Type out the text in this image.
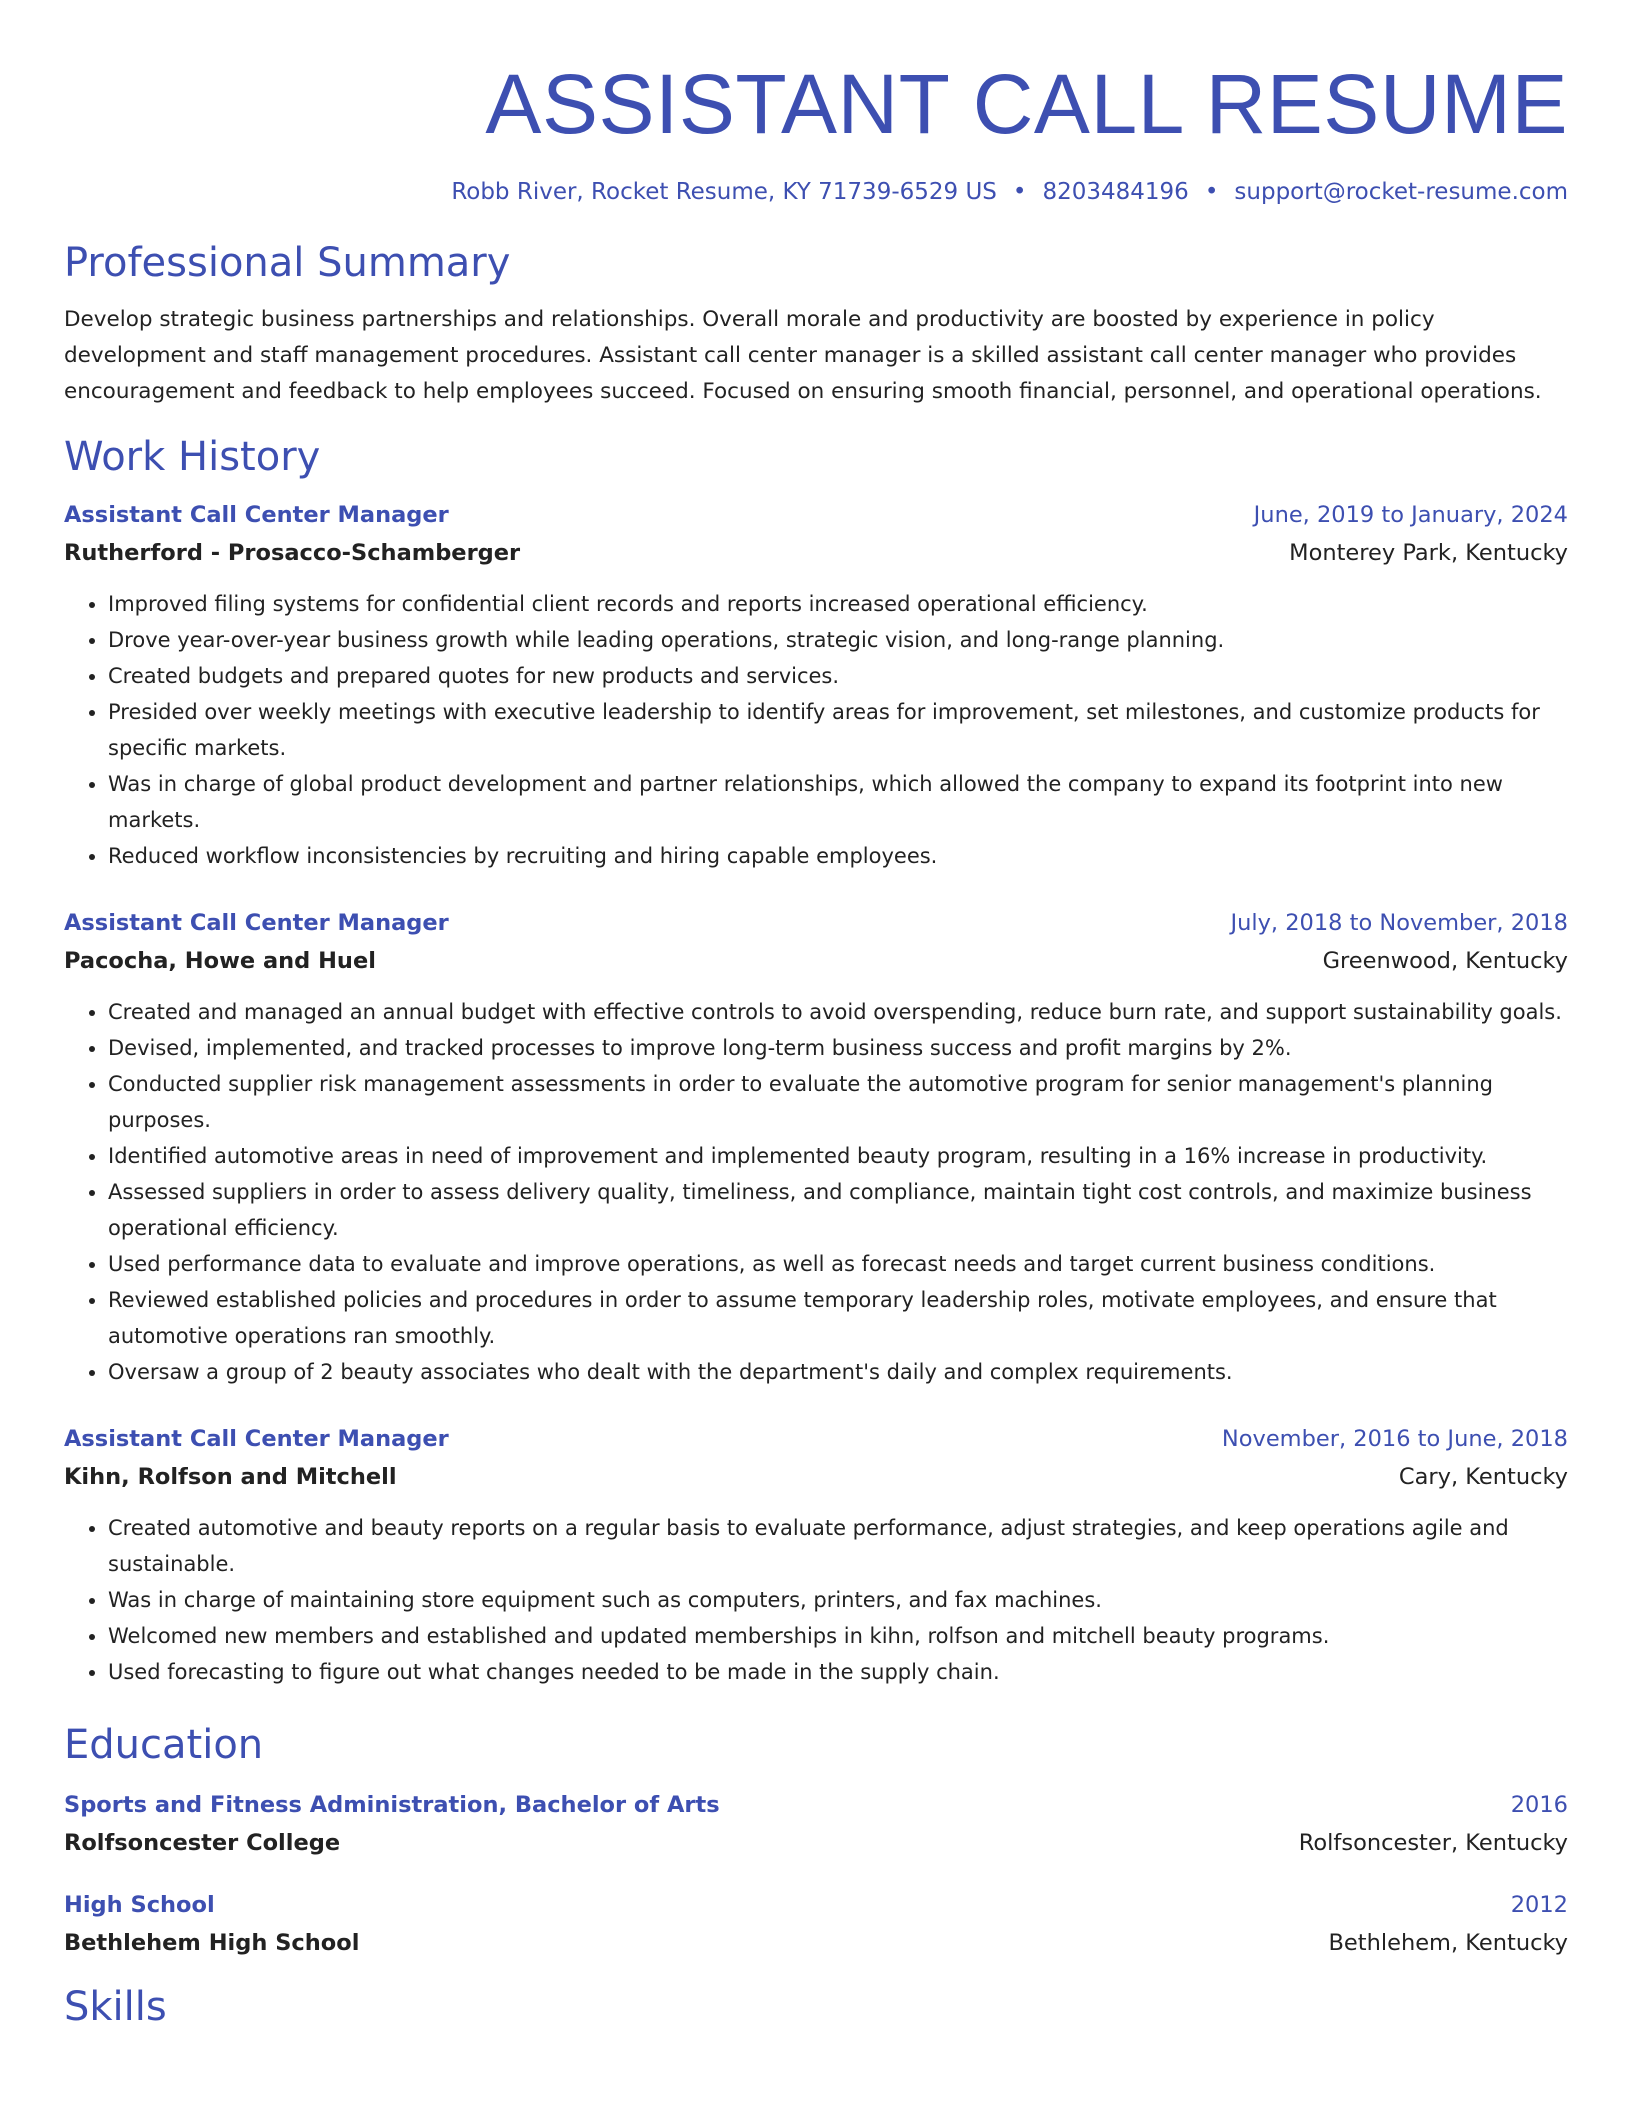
ASSISTANT CALL RESUME
Robb River, Rocket Resume, KY 71739-6529 US • 8203484196 • support@rocket-resume.com
Professional Summary
Develop strategic business partnerships and relationships. Overall morale and productivity are boosted by experience in policy development and staff management procedures. Assistant call center manager is a skilled assistant call center manager who provides encouragement and feedback to help employees succeed. Focused on ensuring smooth financial, personnel, and operational operations.
Work History
Assistant Call Center Manager	June, 2019 to January, 2024
Rutherford - Prosacco-Schamberger	Monterey Park, Kentucky
• Improved filing systems for confidential client records and reports increased operational efficiency.
• Drove year-over-year business growth while leading operations, strategic vision, and long-range planning.
• Created budgets and prepared quotes for new products and services.
• Presided over weekly meetings with executive leadership to identify areas for improvement, set milestones, and customize products for specific markets.
• Was in charge of global product development and partner relationships, which allowed the company to expand its footprint into new markets.
• Reduced workflow inconsistencies by recruiting and hiring capable employees.
Assistant Call Center Manager	July, 2018 to November, 2018
Pacocha, Howe and Huel	Greenwood, Kentucky
• Created and managed an annual budget with effective controls to avoid overspending, reduce burn rate, and support sustainability goals.
• Devised, implemented, and tracked processes to improve long-term business success and profit margins by 2%.
• Conducted supplier risk management assessments in order to evaluate the automotive program for senior management's planning purposes.
• Identified automotive areas in need of improvement and implemented beauty program, resulting in a 16% increase in productivity.
• Assessed suppliers in order to assess delivery quality, timeliness, and compliance, maintain tight cost controls, and maximize business operational efficiency.
• Used performance data to evaluate and improve operations, as well as forecast needs and target current business conditions.
• Reviewed established policies and procedures in order to assume temporary leadership roles, motivate employees, and ensure that automotive operations ran smoothly.
• Oversaw a group of 2 beauty associates who dealt with the department's daily and complex requirements.
Assistant Call Center Manager	November, 2016 to June, 2018
Kihn, Rolfson and Mitchell	Cary, Kentucky
• Created automotive and beauty reports on a regular basis to evaluate performance, adjust strategies, and keep operations agile and sustainable.
• Was in charge of maintaining store equipment such as computers, printers, and fax machines.
• Welcomed new members and established and updated memberships in kihn, rolfson and mitchell beauty programs.
• Used forecasting to figure out what changes needed to be made in the supply chain.
Education
Sports and Fitness Administration, Bachelor of Arts	2016
Rolfsoncester College	Rolfsoncester, Kentucky
High School	2012
Bethlehem High School	Bethlehem, Kentucky
Skills
